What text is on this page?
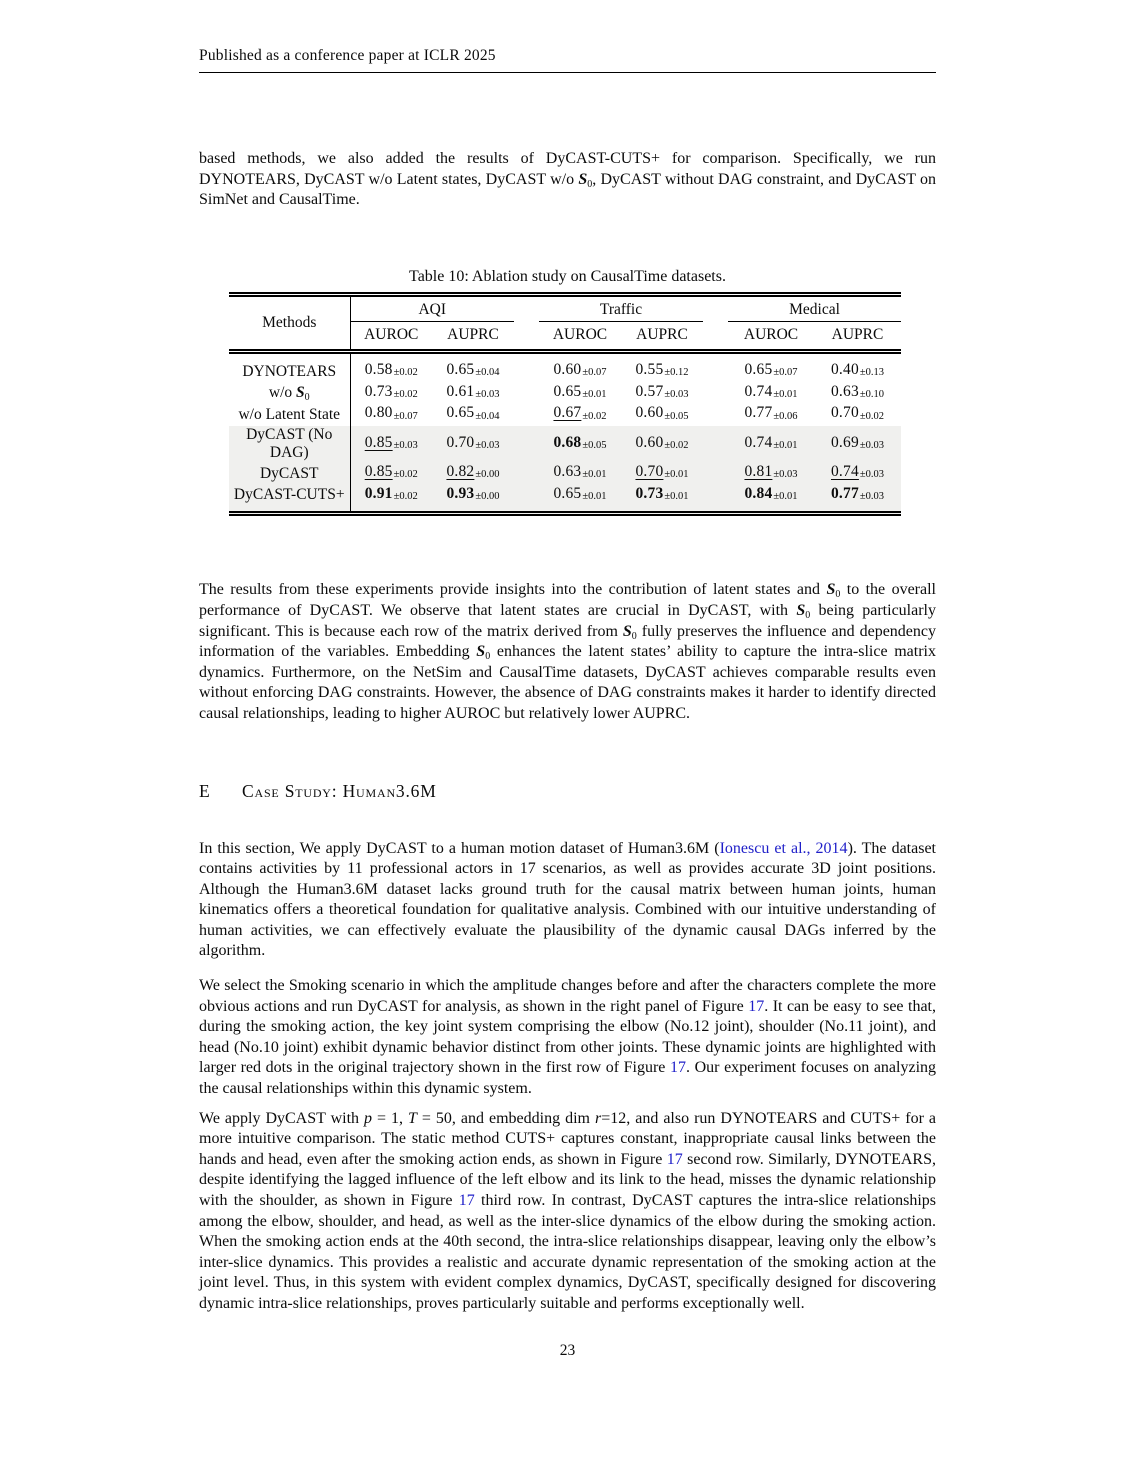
Published as a conference paper at ICLR 2025
based methods, we also added the results of DyCAST-CUTS+ for comparison. Specifically, we run DYNOTEARS, DyCAST w/o Latent states, DyCAST w/o $S_0$, DyCAST without DAG constraint, and DyCAST on SimNet and CausalTime.
Table 10: Ablation study on CausalTime datasets.
Methods	AQI			Traffic			Medical	
	AUROC	AUPRC		AUROC	AUPRC		AUROC	AUPRC
DYNOTEARS	0.58±0.02	0.65±0.04		0.60±0.07	0.55±0.12		0.65±0.07	0.40±0.13
w/o $S_0$	0.73±0.02	0.61±0.03		0.65±0.01	0.57±0.03		0.74±0.01	0.63±0.10
w/o Latent State	0.80±0.07	0.65±0.04		0.67±0.02	0.60±0.05		0.77±0.06	0.70±0.02
DyCAST (No DAG)	0.85±0.03	0.70±0.03		0.68±0.05	0.60±0.02		0.74±0.01	0.69±0.03
DyCAST	0.85±0.02	0.82±0.00		0.63±0.01	0.70±0.01		0.81±0.03	0.74±0.03
DyCAST-CUTS+	0.91±0.02	0.93±0.00		0.65±0.01	0.73±0.01		0.84±0.01	0.77±0.03
The results from these experiments provide insights into the contribution of latent states and $S_0$ to the overall performance of DyCAST. We observe that latent states are crucial in DyCAST, with $S_0$ being particularly significant. This is because each row of the matrix derived from $S_0$ fully preserves the influence and dependency information of the variables. Embedding $S_0$ enhances the latent states’ ability to capture the intra-slice matrix dynamics. Furthermore, on the NetSim and CausalTime datasets, DyCAST achieves comparable results even without enforcing DAG constraints. However, the absence of DAG constraints makes it harder to identify directed causal relationships, leading to higher AUROC but relatively lower AUPRC.
E Case Study: Human3.6M
In this section, We apply DyCAST to a human motion dataset of Human3.6M (Ionescu et al., 2014). The dataset contains activities by 11 professional actors in 17 scenarios, as well as provides accurate 3D joint positions. Although the Human3.6M dataset lacks ground truth for the causal matrix between human joints, human kinematics offers a theoretical foundation for qualitative analysis. Combined with our intuitive understanding of human activities, we can effectively evaluate the plausibility of the dynamic causal DAGs inferred by the algorithm.
We select the Smoking scenario in which the amplitude changes before and after the characters complete the more obvious actions and run DyCAST for analysis, as shown in the right panel of Figure 17. It can be easy to see that, during the smoking action, the key joint system comprising the elbow (No.12 joint), shoulder (No.11 joint), and head (No.10 joint) exhibit dynamic behavior distinct from other joints. These dynamic joints are highlighted with larger red dots in the original trajectory shown in the first row of Figure 17. Our experiment focuses on analyzing the causal relationships within this dynamic system.
We apply DyCAST with p = 1, T = 50, and embedding dim r=12, and also run DYNOTEARS and CUTS+ for a more intuitive comparison. The static method CUTS+ captures constant, inappropriate causal links between the hands and head, even after the smoking action ends, as shown in Figure 17 second row. Similarly, DYNOTEARS, despite identifying the lagged influence of the left elbow and its link to the head, misses the dynamic relationship with the shoulder, as shown in Figure 17 third row. In contrast, DyCAST captures the intra-slice relationships among the elbow, shoulder, and head, as well as the inter-slice dynamics of the elbow during the smoking action. When the smoking action ends at the 40th second, the intra-slice relationships disappear, leaving only the elbow’s inter-slice dynamics. This provides a realistic and accurate dynamic representation of the smoking action at the joint level. Thus, in this system with evident complex dynamics, DyCAST, specifically designed for discovering dynamic intra-slice relationships, proves particularly suitable and performs exceptionally well.
23
